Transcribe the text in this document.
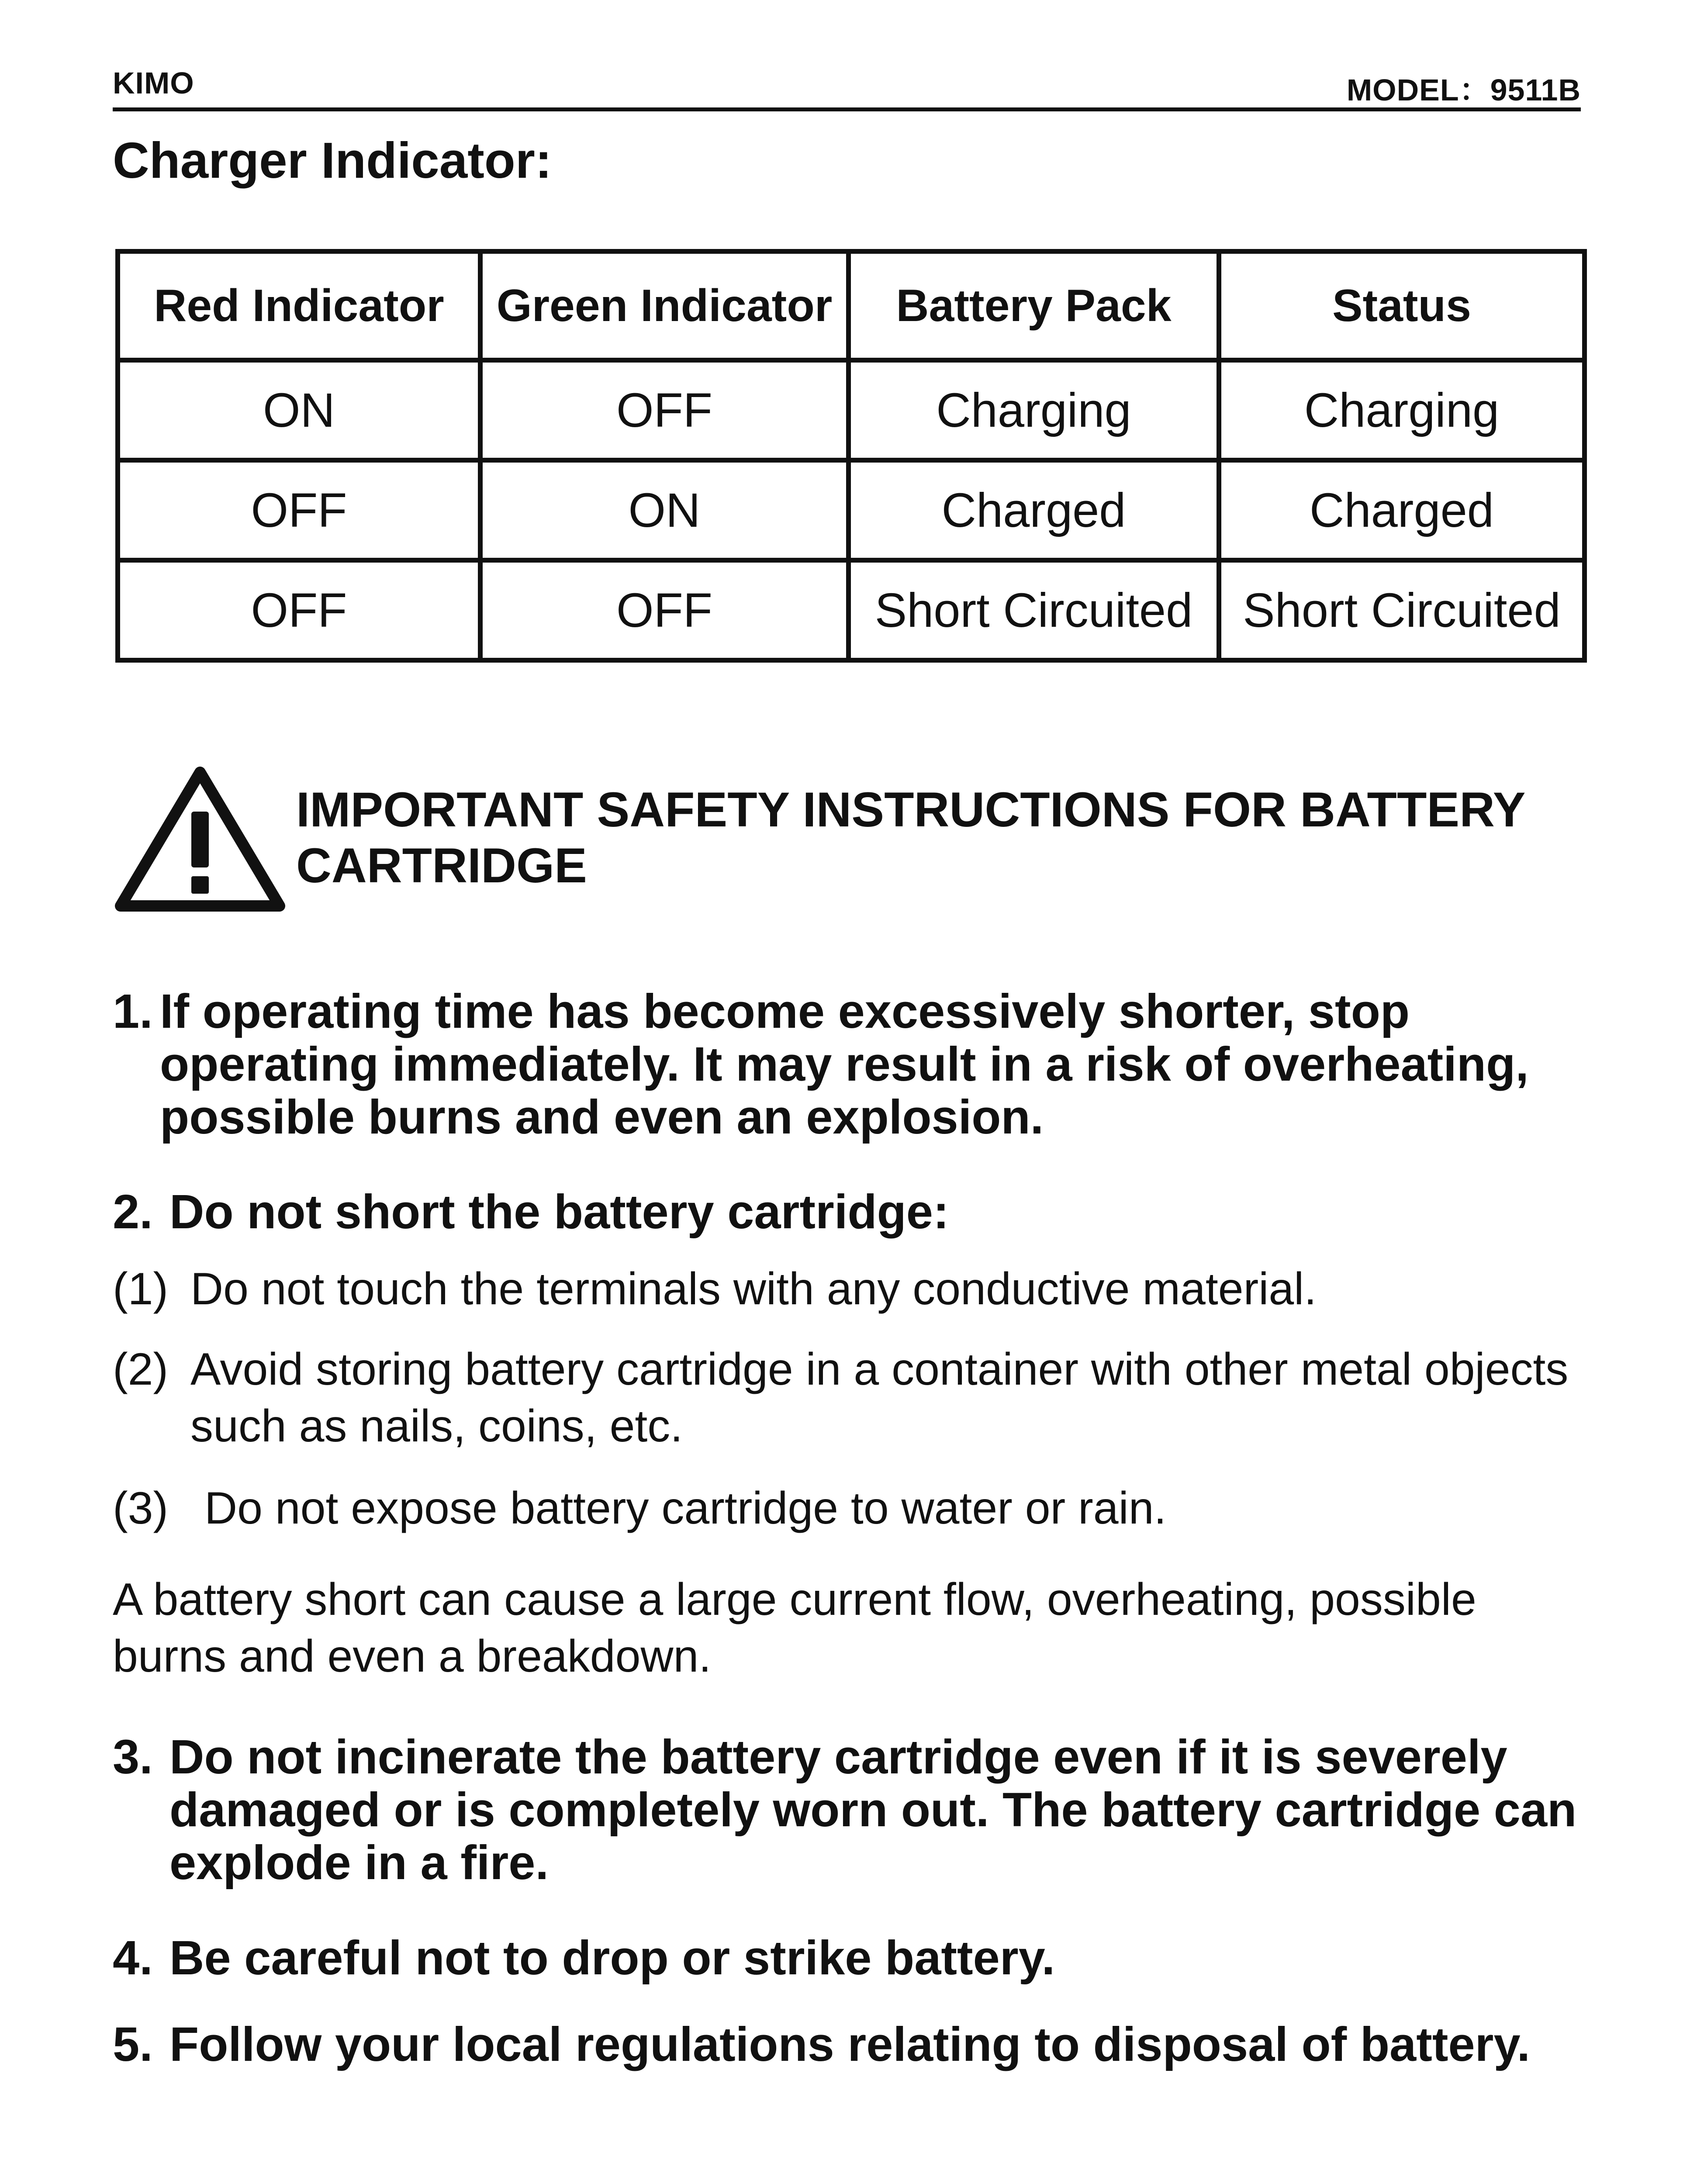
KIMO	MODEL：9511B
Charger Indicator:
Red Indicator	Green Indicator	Battery Pack	Status
ON	OFF	Charging	Charging
OFF	ON	Charged	Charged
OFF	OFF	Short Circuited	Short Circuited
IMPORTANT SAFETY INSTRUCTIONS FOR BATTERY CARTRIDGE
1. If operating time has become excessively shorter, stop operating immediately. It may result in a risk of overheating, possible burns and even an explosion.
2. Do not short the battery cartridge:
(1) Do not touch the terminals with any conductive material.
(2) Avoid storing battery cartridge in a container with other metal objects such as nails, coins, etc.
(3) Do not expose battery cartridge to water or rain.
A battery short can cause a large current flow, overheating, possible burns and even a breakdown.
3. Do not incinerate the battery cartridge even if it is severely damaged or is completely worn out. The battery cartridge can explode in a fire.
4. Be careful not to drop or strike battery.
5. Follow your local regulations relating to disposal of battery.
